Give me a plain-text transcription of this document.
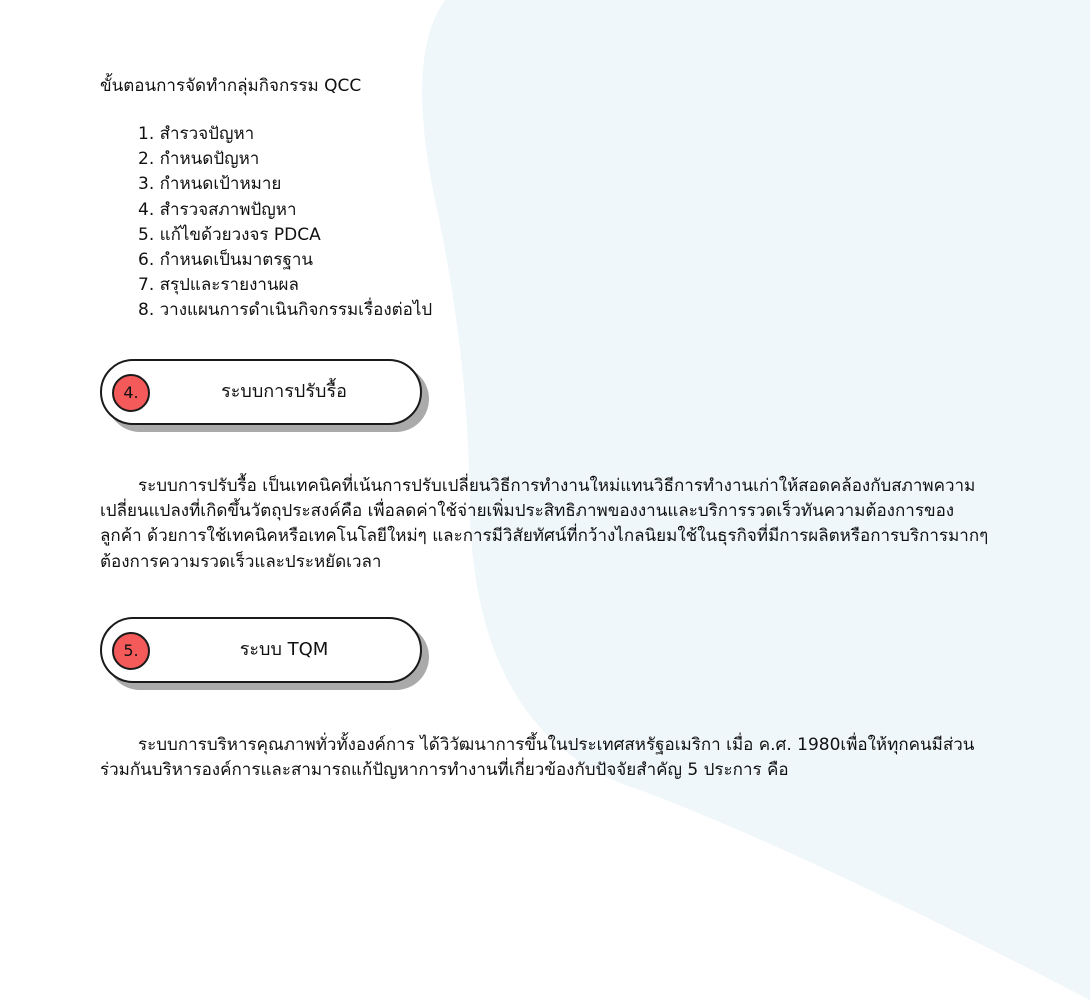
ขั้นตอนการจัดทำกลุ่มกิจกรรม QCC
1. สำรวจปัญหา
2. กำหนดปัญหา
3. กำหนดเป้าหมาย
4. สำรวจสภาพปัญหา
5. แก้ไขด้วยวงจร PDCA
6. กำหนดเป็นมาตรฐาน
7. สรุปและรายงานผล
8. วางแผนการดำเนินกิจกรรมเรื่องต่อไป
4.	ระบบการปรับรื้อ

ระบบการปรับรื้อ เป็นเทคนิคที่เน้นการปรับเปลี่ยนวิธีการทำงานใหม่แทนวิธีการทำงานเก่าให้สอดคล้องกับสภาพความเปลี่ยนแปลงที่เกิดขึ้นวัตถุประสงค์คือ เพื่อลดค่าใช้จ่ายเพิ่มประสิทธิภาพของงานและบริการรวดเร็วทันความต้องการของลูกค้า ด้วยการใช้เทคนิคหรือเทคโนโลยีใหม่ๆ และการมีวิสัยทัศน์ที่กว้างไกลนิยมใช้ในธุรกิจที่มีการผลิตหรือการบริการมากๆ ต้องการความรวดเร็วและประหยัดเวลา

5.	ระบบ TQM

ระบบการบริหารคุณภาพทั่วทั้งองค์การ ได้วิวัฒนาการขึ้นในประเทศสหรัฐอเมริกา เมื่อ ค.ศ. 1980เพื่อให้ทุกคนมีส่วนร่วมกันบริหารองค์การและสามารถแก้ปัญหาการทำงานที่เกี่ยวข้องกับปัจจัยสำคัญ 5 ประการ คือ
